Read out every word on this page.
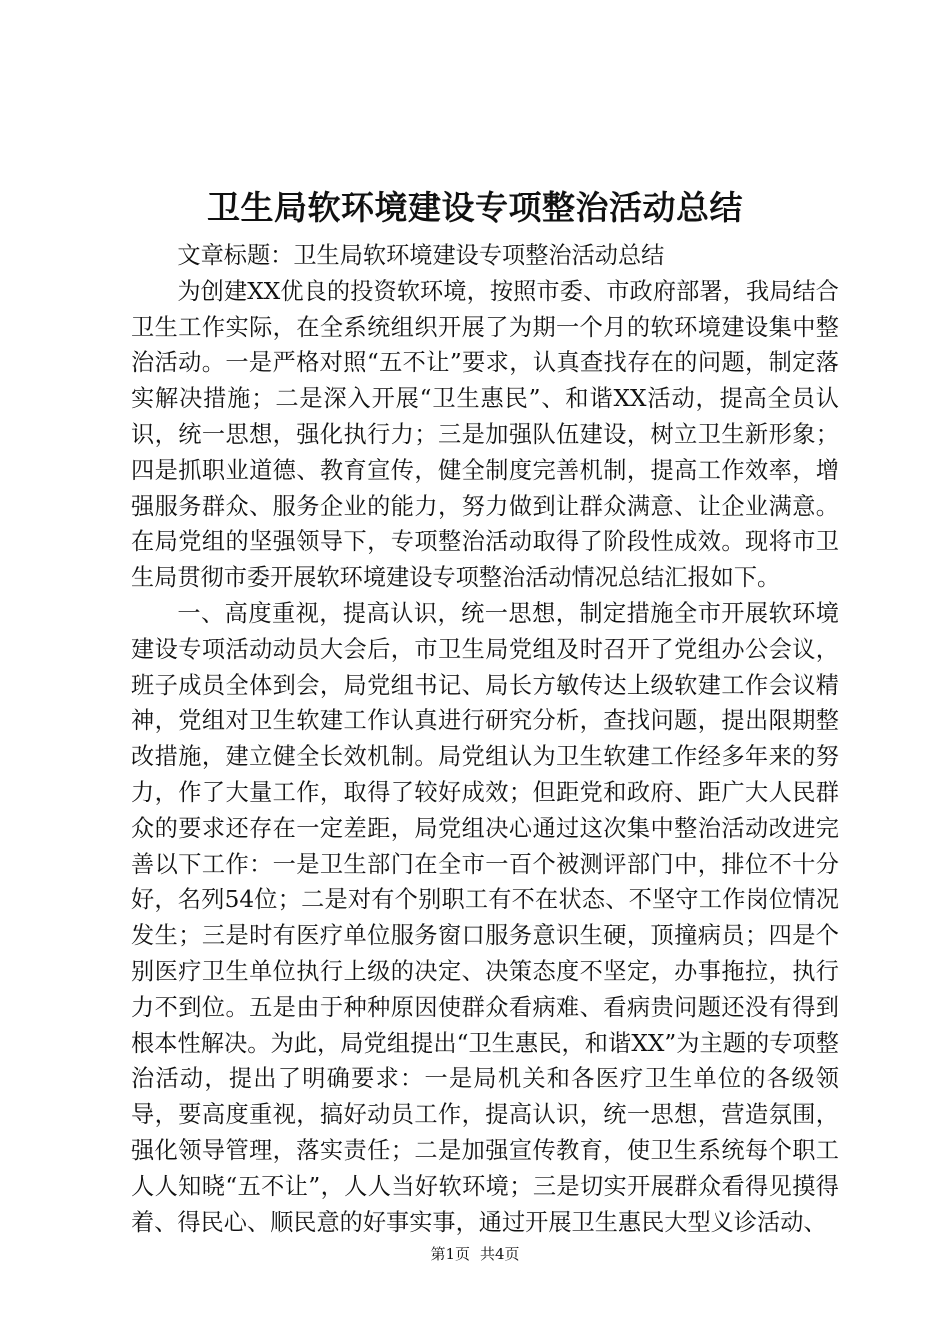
卫生局软环境建设专项整治活动总结

文章标题：卫生局软环境建设专项整治活动总结

为创建XX优良的投资软环境，按照市委、市政府部署，我局结合卫生工作实际，在全系统组织开展了为期一个月的软环境建设集中整治活动。一是严格对照“五不让”要求，认真查找存在的问题，制定落实解决措施；二是深入开展“卫生惠民”、和谐XX活动，提高全员认识，统一思想，强化执行力；三是加强队伍建设，树立卫生新形象；四是抓职业道德、教育宣传，健全制度完善机制，提高工作效率，增强服务群众、服务企业的能力，努力做到让群众满意、让企业满意。在局党组的坚强领导下，专项整治活动取得了阶段性成效。现将市卫生局贯彻市委开展软环境建设专项整治活动情况总结汇报如下。

一、高度重视，提高认识，统一思想，制定措施全市开展软环境建设专项活动动员大会后，市卫生局党组及时召开了党组办公会议，班子成员全体到会，局党组书记、局长方敏传达上级软建工作会议精神，党组对卫生软建工作认真进行研究分析，查找问题，提出限期整改措施，建立健全长效机制。局党组认为卫生软建工作经多年来的努力，作了大量工作，取得了较好成效；但距党和政府、距广大人民群众的要求还存在一定差距，局党组决心通过这次集中整治活动改进完善以下工作：一是卫生部门在全市一百个被测评部门中，排位不十分好，名列54位；二是对有个别职工有不在状态、不坚守工作岗位情况发生；三是时有医疗单位服务窗口服务意识生硬，顶撞病员；四是个别医疗卫生单位执行上级的决定、决策态度不坚定，办事拖拉，执行力不到位。五是由于种种原因使群众看病难、看病贵问题还没有得到根本性解决。为此，局党组提出“卫生惠民，和谐XX”为主题的专项整治活动，提出了明确要求：一是局机关和各医疗卫生单位的各级领导，要高度重视，搞好动员工作，提高认识，统一思想，营造氛围，强化领导管理，落实责任；二是加强宣传教育，使卫生系统每个职工人人知晓“五不让”，人人当好软环境；三是切实开展群众看得见摸得着、得民心、顺民意的好事实事，通过开展卫生惠民大型义诊活动、

第1页 共4页
